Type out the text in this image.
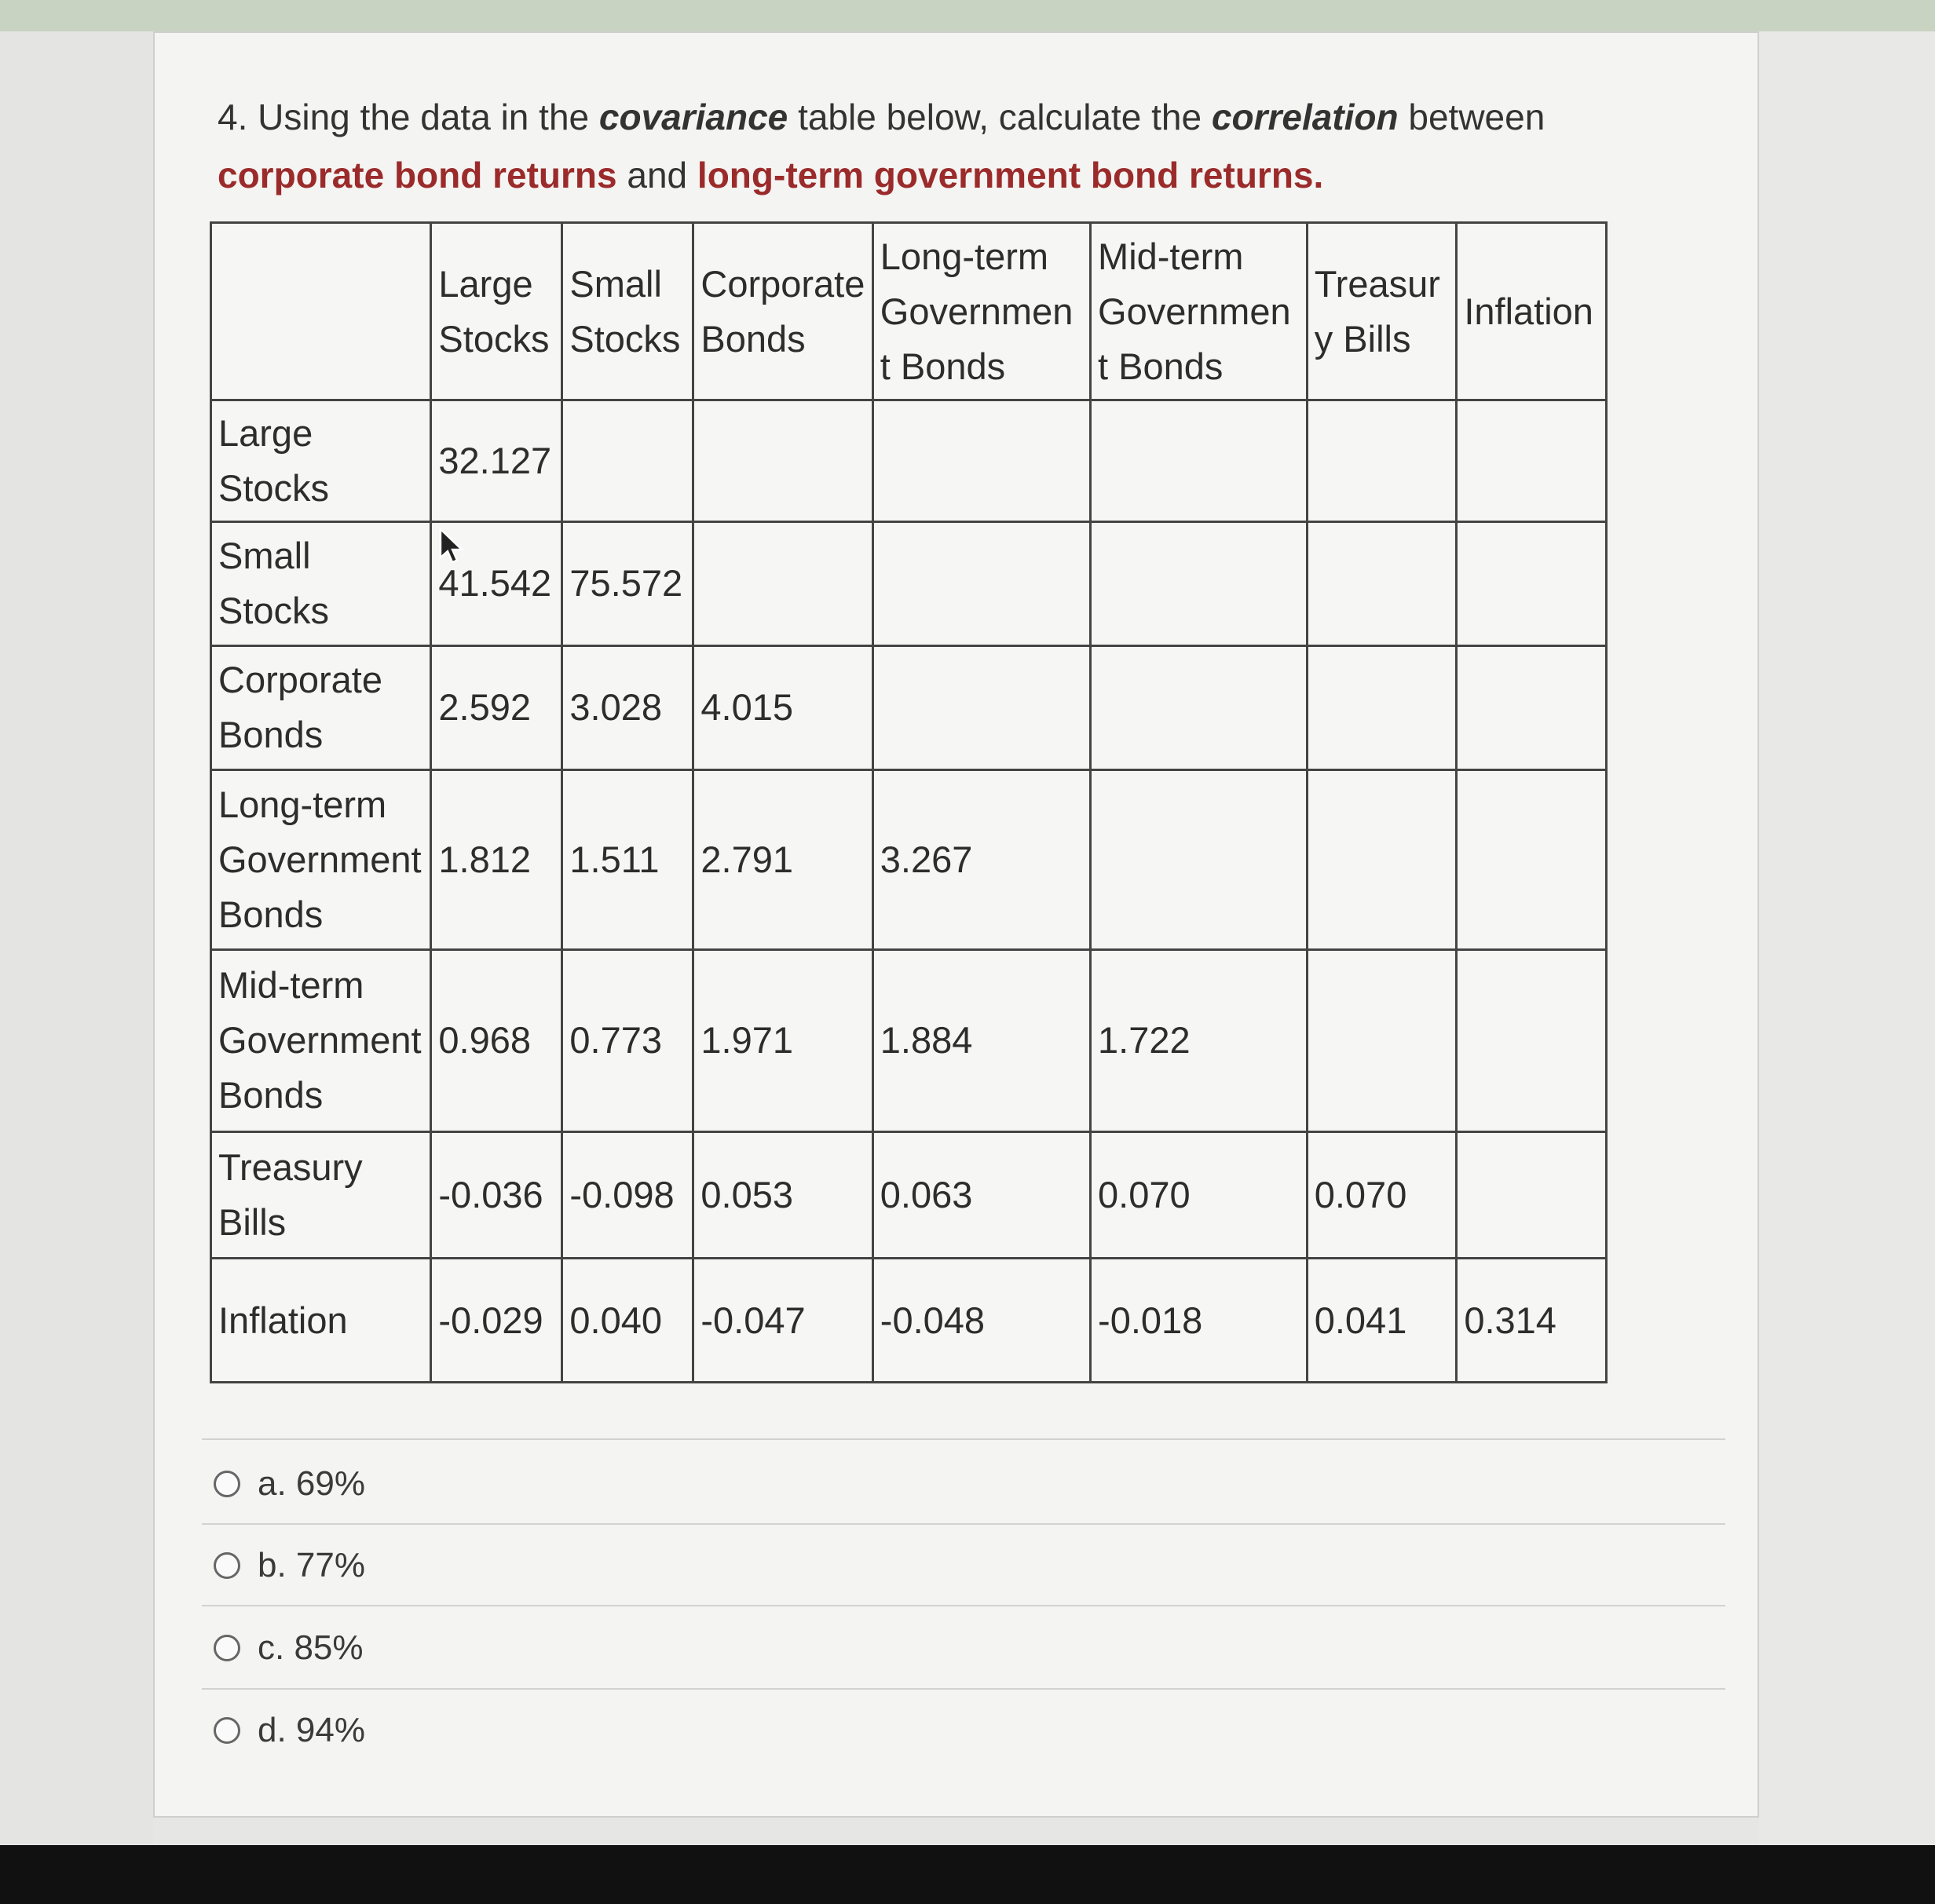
4. Using the data in the covariance table below, calculate the correlation between corporate bond returns and long-term government bond returns.
	Large Stocks	Small Stocks	Corporate Bonds	Long-term Government Bonds	Mid-term Government Bonds	Treasury Bills	Inflation
Large Stocks	32.127						
Small Stocks	41.542	75.572					
Corporate Bonds	2.592	3.028	4.015				
Long-term Government Bonds	1.812	1.511	2.791	3.267			
Mid-term Government Bonds	0.968	0.773	1.971	1.884	1.722		
Treasury Bills	-0.036	-0.098	0.053	0.063	0.070	0.070	
Inflation	-0.029	0.040	-0.047	-0.048	-0.018	0.041	0.314
a. 69%
b. 77%
c. 85%
d. 94%
